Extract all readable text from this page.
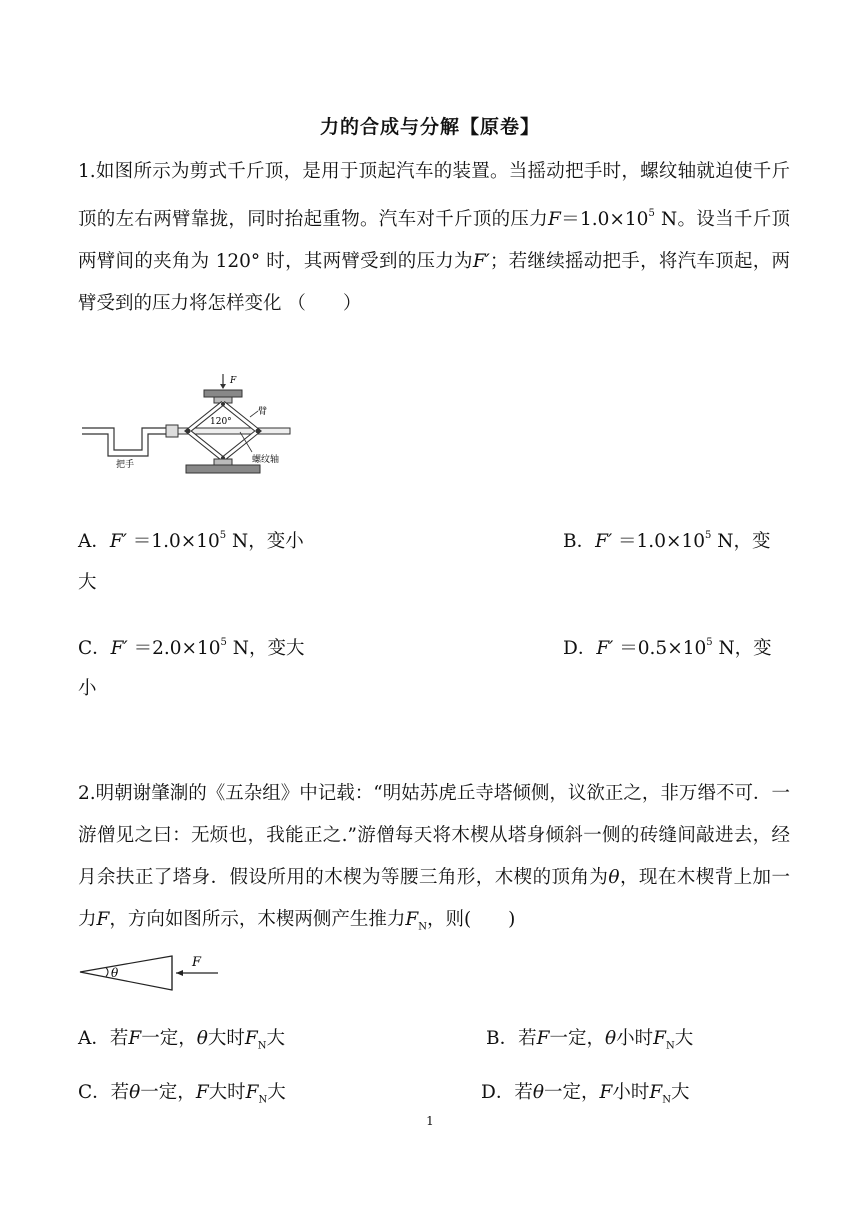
力的合成与分解【原卷】
1.如图所示为剪式千斤顶，是用于顶起汽车的装置。当摇动把手时，螺纹轴就迫使千斤顶的左右两臂靠拢，同时抬起重物。汽车对千斤顶的压力$F=1.0\times 10^5$ N。设当千斤顶两臂间的夹角为 120° 时，其两臂受到的压力为F′；若继续摇动把手，将汽车顶起，两臂受到的压力将怎样变化 （　　）
F
120°
臂
把手	螺纹轴
A．$F' =1.0\times 10^5$ N，变小	B．$F' =1.0\times 10^5$ N，变
大
C．$F' =2.0\times 10^5$ N，变大	D．$F' =0.5\times 10^5$ N，变
小
2.明朝谢肇淛的《五杂组》中记载：“明姑苏虎丘寺塔倾侧，议欲正之，非万缗不可．一游僧见之曰：无烦也，我能正之.”游僧每天将木楔从塔身倾斜一侧的砖缝间敲进去，经月余扶正了塔身．假设所用的木楔为等腰三角形，木楔的顶角为θ，现在木楔背上加一力F，方向如图所示，木楔两侧产生推力$F_N$，则(　　)
θ
F
A．若F一定，θ大时$F_N$大	B．若F一定，θ小时$F_N$大
C．若θ一定，F大时$F_N$大	D．若θ一定，F小时$F_N$大
1
